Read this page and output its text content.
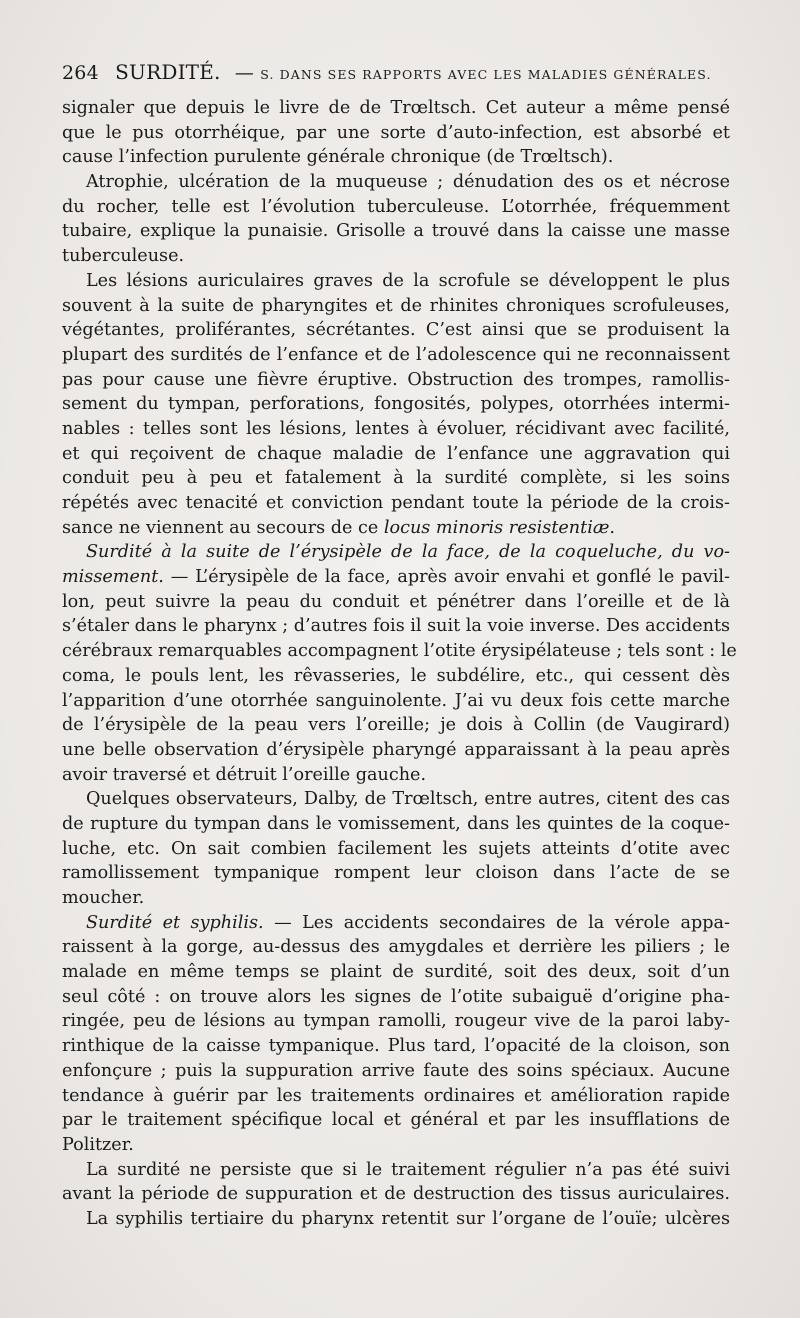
264 SURDITÉ. — S. DANS SES RAPPORTS AVEC LES MALADIES GÉNÉRALES.
signaler que depuis le livre de de Trœltsch. Cet auteur a même pensé
que le pus otorrhéique, par une sorte d’auto-infection, est absorbé et
cause l’infection purulente générale chronique (de Trœltsch).
Atrophie, ulcération de la muqueuse ; dénudation des os et nécrose
du rocher, telle est l’évolution tuberculeuse. L’otorrhée, fréquemment
tubaire, explique la punaisie. Grisolle a trouvé dans la caisse une masse
tuberculeuse.
Les lésions auriculaires graves de la scrofule se développent le plus
souvent à la suite de pharyngites et de rhinites chroniques scrofuleuses,
végétantes, proliférantes, sécrétantes. C’est ainsi que se produisent la
plupart des surdités de l’enfance et de l’adolescence qui ne reconnaissent
pas pour cause une fièvre éruptive. Obstruction des trompes, ramollis-
sement du tympan, perforations, fongosités, polypes, otorrhées intermi-
nables : telles sont les lésions, lentes à évoluer, récidivant avec facilité,
et qui reçoivent de chaque maladie de l’enfance une aggravation qui
conduit peu à peu et fatalement à la surdité complète, si les soins
répétés avec tenacité et conviction pendant toute la période de la crois-
sance ne viennent au secours de ce locus minoris resistentiæ.
Surdité à la suite de l’érysipèle de la face, de la coqueluche, du vo-
missement. — L’érysipèle de la face, après avoir envahi et gonflé le pavil-
lon, peut suivre la peau du conduit et pénétrer dans l’oreille et de là
s’étaler dans le pharynx ; d’autres fois il suit la voie inverse. Des accidents
cérébraux remarquables accompagnent l’otite érysipélateuse ; tels sont : le
coma, le pouls lent, les rêvasseries, le subdélire, etc., qui cessent dès
l’apparition d’une otorrhée sanguinolente. J’ai vu deux fois cette marche
de l’érysipèle de la peau vers l’oreille; je dois à Collin (de Vaugirard)
une belle observation d’érysipèle pharyngé apparaissant à la peau après
avoir traversé et détruit l’oreille gauche.
Quelques observateurs, Dalby, de Trœltsch, entre autres, citent des cas
de rupture du tympan dans le vomissement, dans les quintes de la coque-
luche, etc. On sait combien facilement les sujets atteints d’otite avec
ramollissement tympanique rompent leur cloison dans l’acte de se
moucher.
Surdité et syphilis. — Les accidents secondaires de la vérole appa-
raissent à la gorge, au-dessus des amygdales et derrière les piliers ; le
malade en même temps se plaint de surdité, soit des deux, soit d’un
seul côté : on trouve alors les signes de l’otite subaiguë d’origine pha-
ringée, peu de lésions au tympan ramolli, rougeur vive de la paroi laby-
rinthique de la caisse tympanique. Plus tard, l’opacité de la cloison, son
enfonçure ; puis la suppuration arrive faute des soins spéciaux. Aucune
tendance à guérir par les traitements ordinaires et amélioration rapide
par le traitement spécifique local et général et par les insufflations de
Politzer.
La surdité ne persiste que si le traitement régulier n’a pas été suivi
avant la période de suppuration et de destruction des tissus auriculaires.
La syphilis tertiaire du pharynx retentit sur l’organe de l’ouïe; ulcères
